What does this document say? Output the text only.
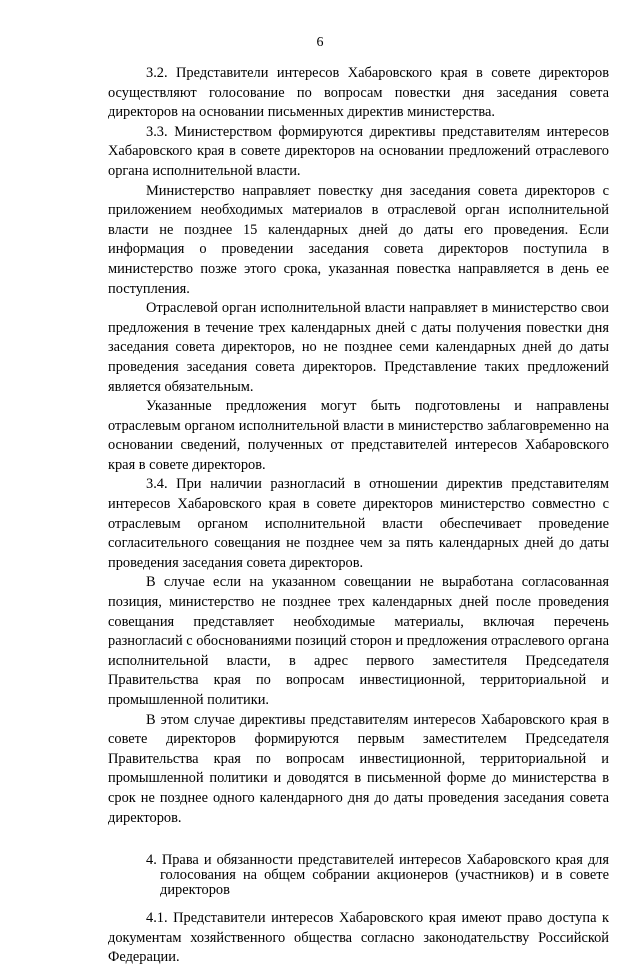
6

3.2. Представители интересов Хабаровского края в совете директоров осуществляют голосование по вопросам повестки дня заседания совета директоров на основании письменных директив министерства.

3.3. Министерством формируются директивы представителям интересов Хабаровского края в совете директоров на основании предложений отраслевого органа исполнительной власти.

Министерство направляет повестку дня заседания совета директоров с приложением необходимых материалов в отраслевой орган исполнительной власти не позднее 15 календарных дней до даты его проведения. Если информация о проведении заседания совета директоров поступила в министерство позже этого срока, указанная повестка направляется в день ее поступления.

Отраслевой орган исполнительной власти направляет в министерство свои предложения в течение трех календарных дней с даты получения повестки дня заседания совета директоров, но не позднее семи календарных дней до даты проведения заседания совета директоров. Представление таких предложений является обязательным.

Указанные предложения могут быть подготовлены и направлены отраслевым органом исполнительной власти в министерство заблаговременно на основании сведений, полученных от представителей интересов Хабаровского края в совете директоров.

3.4. При наличии разногласий в отношении директив представителям интересов Хабаровского края в совете директоров министерство совместно с отраслевым органом исполнительной власти обеспечивает проведение согласительного совещания не позднее чем за пять календарных дней до даты проведения заседания совета директоров.

В случае если на указанном совещании не выработана согласованная позиция, министерство не позднее трех календарных дней после проведения совещания представляет необходимые материалы, включая перечень разногласий с обоснованиями позиций сторон и предложения отраслевого органа исполнительной власти, в адрес первого заместителя Председателя Правительства края по вопросам инвестиционной, территориальной и промышленной политики.

В этом случае директивы представителям интересов Хабаровского края в совете директоров формируются первым заместителем Председателя Правительства края по вопросам инвестиционной, территориальной и промышленной политики и доводятся в письменной форме до министерства в срок не позднее одного календарного дня до даты проведения заседания совета директоров.

4. Права и обязанности представителей интересов Хабаровского края для голосования на общем собрании акционеров (участников) и в совете директоров

4.1. Представители интересов Хабаровского края имеют право доступа к документам хозяйственного общества согласно законодательству Российской Федерации.
